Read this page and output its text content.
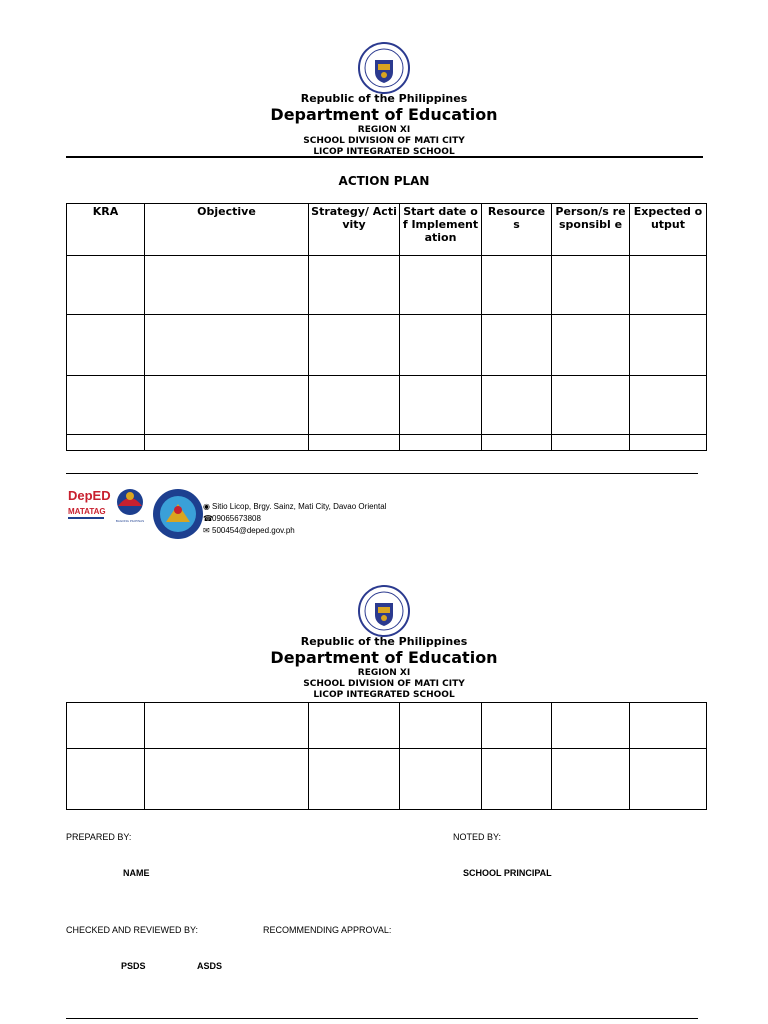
Republic of the Philippines
Department of Education
REGION XI
SCHOOL DIVISION OF MATI CITY
LICOP INTEGRATED SCHOOL
ACTION PLAN
KRA	Objective	Strategy/ Activity	Start date of Implement ation	Resource s	Person/s responsibl e	Expected output

DepED
MATATAG
BAGONG PILIPINAS
◉ Sitio Licop, Brgy. Sainz, Mati City, Davao Oriental
☎09065673808
✉ 500454@deped.gov.ph
Republic of the Philippines
Department of Education
REGION XI
SCHOOL DIVISION OF MATI CITY
LICOP INTEGRATED SCHOOL

PREPARED BY:	NOTED BY:
NAME	SCHOOL PRINCIPAL
CHECKED AND REVIEWED BY:	RECOMMENDING APPROVAL:
PSDS	ASDS
